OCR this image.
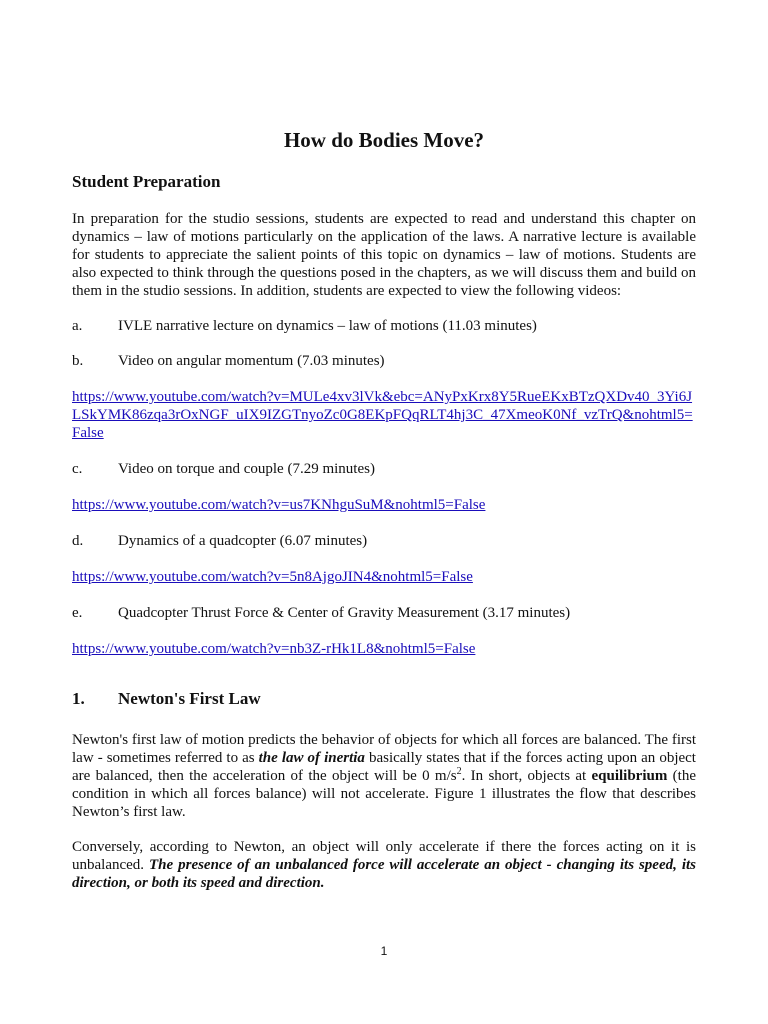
How do Bodies Move?
Student Preparation
In preparation for the studio sessions, students are expected to read and understand this chapter on dynamics – law of motions particularly on the application of the laws. A narrative lecture is available for students to appreciate the salient points of this topic on dynamics – law of motions. Students are also expected to think through the questions posed in the chapters, as we will discuss them and build on them in the studio sessions. In addition, students are expected to view the following videos:
a. IVLE narrative lecture on dynamics – law of motions (11.03 minutes)
b. Video on angular momentum (7.03 minutes)
https://www.youtube.com/watch?v=MULe4xv3lVk&ebc=ANyPxKrx8Y5RueEKxBTzQXDv40_3Yi6JLSkYMK86zqa3rOxNGF_uIX9IZGTnyoZc0G8EKpFQqRLT4hj3C_47XmeoK0Nf_vzTrQ&nohtml5=False
c. Video on torque and couple (7.29 minutes)
https://www.youtube.com/watch?v=us7KNhguSuM&nohtml5=False
d. Dynamics of a quadcopter (6.07 minutes)
https://www.youtube.com/watch?v=5n8AjgoJIN4&nohtml5=False
e. Quadcopter Thrust Force & Center of Gravity Measurement (3.17 minutes)
https://www.youtube.com/watch?v=nb3Z-rHk1L8&nohtml5=False
1. Newton's First Law
Newton's first law of motion predicts the behavior of objects for which all forces are balanced. The first law - sometimes referred to as the law of inertia basically states that if the forces acting upon an object are balanced, then the acceleration of the object will be 0 $m/s^2$. In short, objects at equilibrium (the condition in which all forces balance) will not accelerate. Figure 1 illustrates the flow that describes Newton’s first law.
Conversely, according to Newton, an object will only accelerate if there the forces acting on it is unbalanced. The presence of an unbalanced force will accelerate an object - changing its speed, its direction, or both its speed and direction.
1
